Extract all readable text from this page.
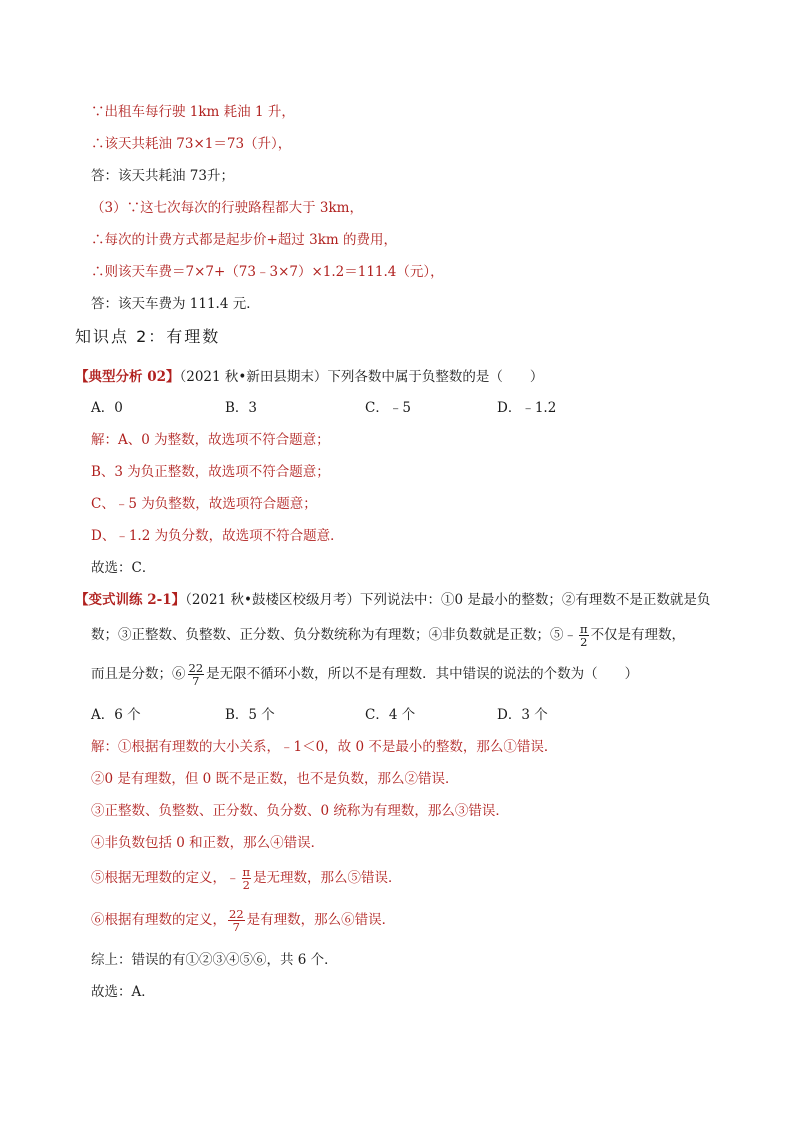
∵出租车每行驶 1km 耗油 1 升，
∴该天共耗油 73×1＝73（升），
答：该天共耗油 73升；
（3）∵这七次每次的行驶路程都大于 3km，
∴每次的计费方式都是起步价+超过 3km 的费用，
∴则该天车费＝7×7+（73﹣3×7）×1.2＝111.4（元），
答：该天车费为 111.4 元．
知识点 2：有理数
【典型分析 02】（2021 秋•新田县期末）下列各数中属于负整数的是（　　）
A．0	B．3	C．﹣5	D．﹣1.2
解：A、0 为整数，故选项不符合题意；
B、3 为负正整数，故选项不符合题意；
C、﹣5 为负整数，故选项符合题意；
D、﹣1.2 为负分数，故选项不符合题意．
故选：C．
【变式训练 2-1】（2021 秋•鼓楼区校级月考）下列说法中：①0 是最小的整数；②有理数不是正数就是负
数；③正整数、负整数、正分数、负分数统称为有理数；④非负数就是正数；⑤﹣ $\frac{\pi}{2}$ 不仅是有理数，
而且是分数；⑥ $\frac{22}{7}$ 是无限不循环小数，所以不是有理数．其中错误的说法的个数为（　　）
A．6 个	B．5 个	C．4 个	D．3 个
解：①根据有理数的大小关系，﹣1＜0，故 0 不是最小的整数，那么①错误．
②0 是有理数，但 0 既不是正数，也不是负数，那么②错误．
③正整数、负整数、正分数、负分数、0 统称为有理数，那么③错误．
④非负数包括 0 和正数，那么④错误．
⑤根据无理数的定义，﹣ $\frac{\pi}{2}$ 是无理数，那么⑤错误．
⑥根据有理数的定义， $\frac{22}{7}$ 是有理数，那么⑥错误．
综上：错误的有①②③④⑤⑥，共 6 个．
故选：A．
